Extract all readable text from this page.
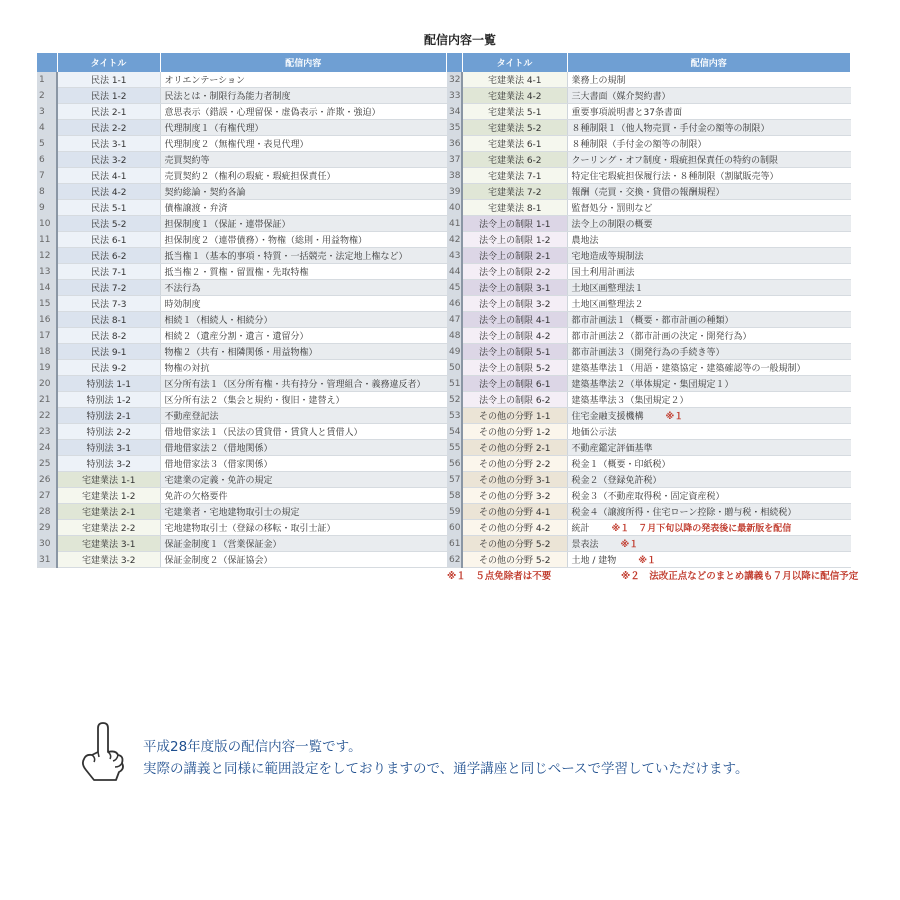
配信内容一覧
	タイトル	配信内容
1	民法 1-1	オリエンテーション
2	民法 1-2	民法とは・制限行為能力者制度
3	民法 2-1	意思表示（錯誤・心理留保・虚偽表示・詐欺・強迫）
4	民法 2-2	代理制度１（有権代理）
5	民法 3-1	代理制度２（無権代理・表見代理）
6	民法 3-2	売買契約等
7	民法 4-1	売買契約２（権利の瑕疵・瑕疵担保責任）
8	民法 4-2	契約総論・契約各論
9	民法 5-1	債権譲渡・弁済
10	民法 5-2	担保制度１（保証・連帯保証）
11	民法 6-1	担保制度２（連帯債務）・物権（総則・用益物権）
12	民法 6-2	抵当権１（基本的事項・特質・一括競売・法定地上権など）
13	民法 7-1	抵当権２・質権・留置権・先取特権
14	民法 7-2	不法行為
15	民法 7-3	時効制度
16	民法 8-1	相続１（相続人・相続分）
17	民法 8-2	相続２（遺産分割・遺言・遺留分）
18	民法 9-1	物権２（共有・相隣関係・用益物権）
19	民法 9-2	物権の対抗
20	特別法 1-1	区分所有法１（区分所有権・共有持分・管理組合・義務違反者）
21	特別法 1-2	区分所有法２（集会と規約・復旧・建替え）
22	特別法 2-1	不動産登記法
23	特別法 2-2	借地借家法１（民法の賃貸借・賃貸人と賃借人）
24	特別法 3-1	借地借家法２（借地関係）
25	特別法 3-2	借地借家法３（借家関係）
26	宅建業法 1-1	宅建業の定義・免許の規定
27	宅建業法 1-2	免許の欠格要件
28	宅建業法 2-1	宅建業者・宅地建物取引士の規定
29	宅建業法 2-2	宅地建物取引士（登録の移転・取引士証）
30	宅建業法 3-1	保証金制度１（営業保証金）
31	宅建業法 3-2	保証金制度２（保証協会）
	タイトル	配信内容
32	宅建業法 4-1	業務上の規制
33	宅建業法 4-2	三大書面（媒介契約書）
34	宅建業法 5-1	重要事項説明書と37条書面
35	宅建業法 5-2	８種制限１（他人物売買・手付金の額等の制限）
36	宅建業法 6-1	８種制限（手付金の額等の制限）
37	宅建業法 6-2	クーリング・オフ制度・瑕疵担保責任の特約の制限
38	宅建業法 7-1	特定住宅瑕疵担保履行法・８種制限（割賦販売等）
39	宅建業法 7-2	報酬（売買・交換・貸借の報酬規程）
40	宅建業法 8-1	監督処分・罰則など
41	法令上の制限 1-1	法令上の制限の概要
42	法令上の制限 1-2	農地法
43	法令上の制限 2-1	宅地造成等規制法
44	法令上の制限 2-2	国土利用計画法
45	法令上の制限 3-1	土地区画整理法１
46	法令上の制限 3-2	土地区画整理法２
47	法令上の制限 4-1	都市計画法１（概要・都市計画の種類）
48	法令上の制限 4-2	都市計画法２（都市計画の決定・開発行為）
49	法令上の制限 5-1	都市計画法３（開発行為の手続き等）
50	法令上の制限 5-2	建築基準法１（用語・建築協定・建築確認等の一般規制）
51	法令上の制限 6-1	建築基準法２（単体規定・集団規定１）
52	法令上の制限 6-2	建築基準法３（集団規定２）
53	その他の分野 1-1	住宅金融支援機構 ※１
54	その他の分野 1-2	地価公示法
55	その他の分野 2-1	不動産鑑定評価基準
56	その他の分野 2-2	税金１（概要・印紙税）
57	その他の分野 3-1	税金２（登録免許税）
58	その他の分野 3-2	税金３（不動産取得税・固定資産税）
59	その他の分野 4-1	税金４（譲渡所得・住宅ローン控除・贈与税・相続税）
60	その他の分野 4-2	統計 ※１　７月下旬以降の発表後に最新版を配信
61	その他の分野 5-2	景表法 ※１
62	その他の分野 5-2	土地 / 建物 ※１
※１　５点免除者は不要	※２　法改正点などのまとめ講義も７月以降に配信予定
平成28年度版の配信内容一覧です。
実際の講義と同様に範囲設定をしておりますので、通学講座と同じペースで学習していただけます。
